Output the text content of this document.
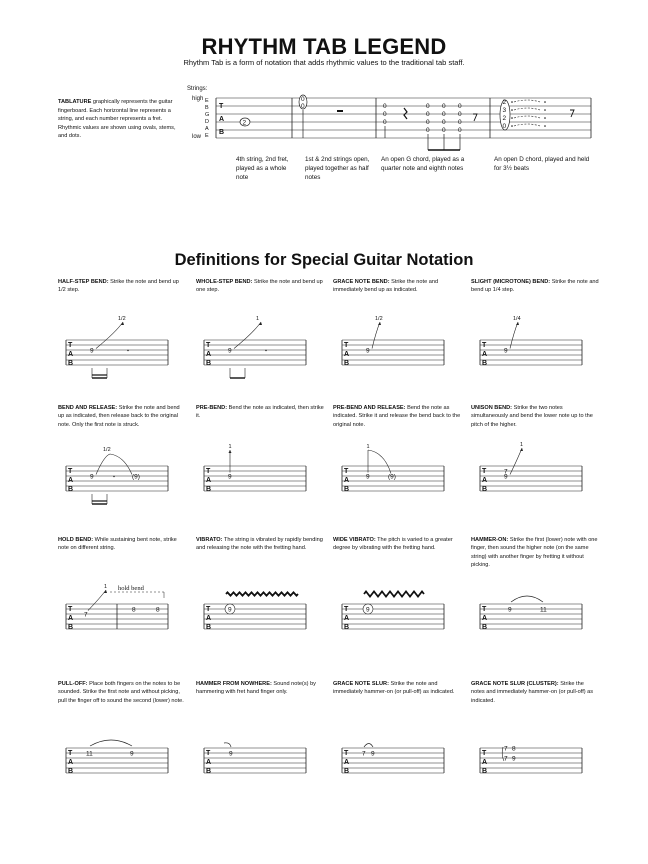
RHYTHM TAB LEGEND
Rhythm Tab is a form of notation that adds rhythmic values to the traditional tab staff.
TABLATURE graphically represents the guitar fingerboard. Each horizontal line represents a string, and each number represents a fret. Rhythmic values are shown using ovals, stems, and dots.
Strings:
high
low
E
B
G
D
A
E
T
A
B
2
0
0	0
0
0
0
0
0
0
0
0
0
0
0
0
0
0
2
3
2
0
T
A
B
9
1/2
T
A
B
9
1
T
A
B
9
1/2
T
A
B
9
1/4
T
A
B
9	(9)
1/2
T
A
B
9
1
T
A
B
9	(9)
1
T
A
B
7
9
1
T
A
B
7
8	8
1 hold bend
T
A
B
9	T
A
B
9	T
A
B
9	11
T
A
B
11	9	T
A
B
9	T
A
B
7 9	T
A
B
7 8
7 9
4th string, 2nd fret, played as a whole note
1st & 2nd strings open, played together as half notes
An open G chord, played as a quarter note and eighth notes
An open D chord, played and held for 3½ beats
Definitions for Special Guitar Notation
HALF-STEP BEND: Strike the note and bend up 1/2 step.
WHOLE-STEP BEND: Strike the note and bend up one step.
GRACE NOTE BEND: Strike the note and immediately bend up as indicated.
SLIGHT (MICROTONE) BEND: Strike the note and bend up 1/4 step.
BEND AND RELEASE: Strike the note and bend up as indicated, then release back to the original note. Only the first note is struck.
PRE-BEND: Bend the note as indicated, then strike it.
PRE-BEND AND RELEASE: Bend the note as indicated. Strike it and release the bend back to the original note.
UNISON BEND: Strike the two notes simultaneously and bend the lower note up to the pitch of the higher.
HOLD BEND: While sustaining bent note, strike note on different string.
VIBRATO: The string is vibrated by rapidly bending and releasing the note with the fretting hand.
WIDE VIBRATO: The pitch is varied to a greater degree by vibrating with the fretting hand.
HAMMER-ON: Strike the first (lower) note with one finger, then sound the higher note (on the same string) with another finger by fretting it without picking.
PULL-OFF: Place both fingers on the notes to be sounded. Strike the first note and without picking, pull the finger off to sound the second (lower) note.
HAMMER FROM NOWHERE: Sound note(s) by hammering with fret hand finger only.
GRACE NOTE SLUR: Strike the note and immediately hammer-on (or pull-off) as indicated.
GRACE NOTE SLUR (CLUSTER): Strike the notes and immediately hammer-on (or pull-off) as indicated.
